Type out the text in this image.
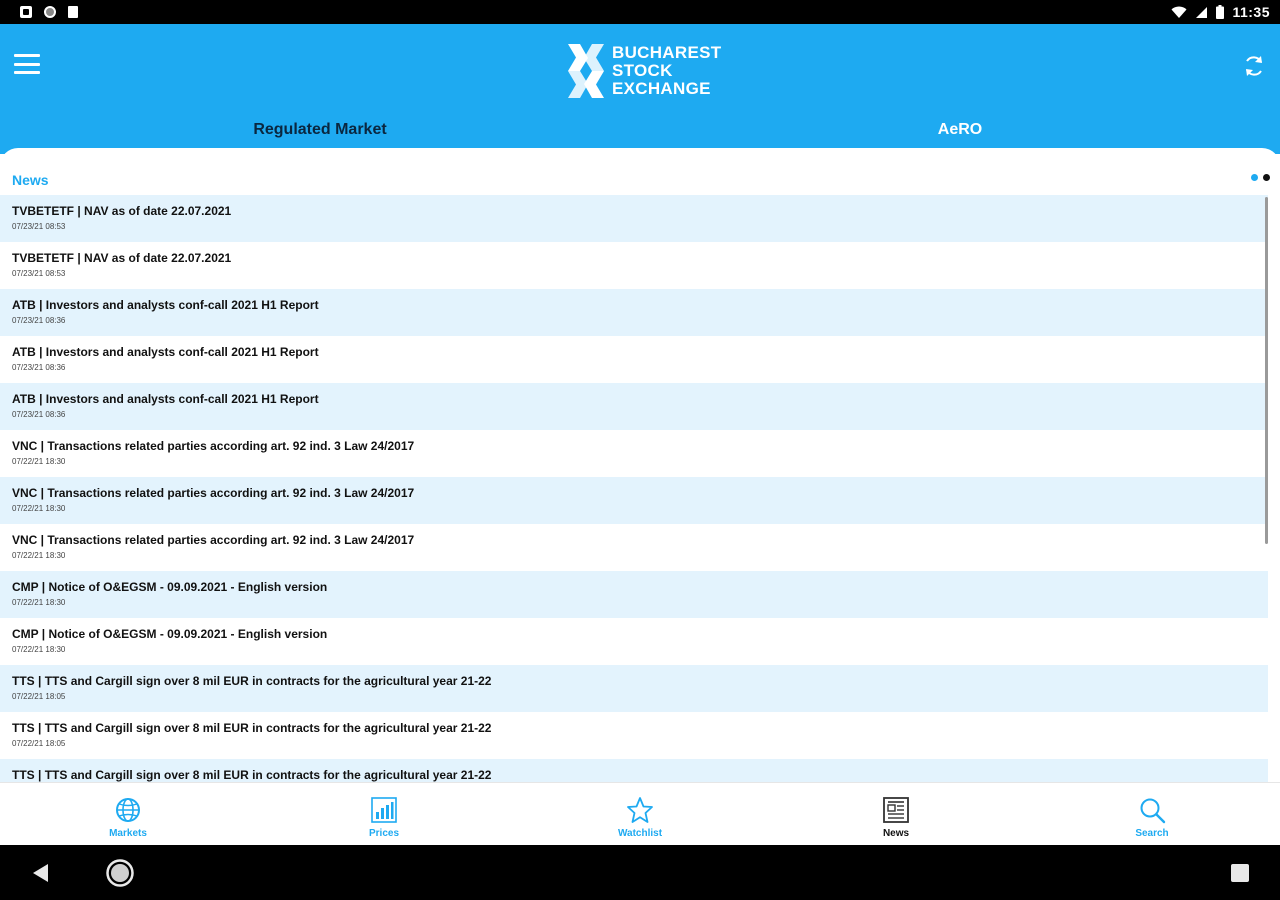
11:35
BUCHAREST
STOCK
EXCHANGE
Regulated Market	AeRO
News
TVBETETF | NAV as of date 22.07.2021
07/23/21 08:53
TVBETETF | NAV as of date 22.07.2021
07/23/21 08:53
ATB | Investors and analysts conf-call 2021 H1 Report
07/23/21 08:36
ATB | Investors and analysts conf-call 2021 H1 Report
07/23/21 08:36
ATB | Investors and analysts conf-call 2021 H1 Report
07/23/21 08:36
VNC | Transactions related parties according art. 92 ind. 3 Law 24/2017
07/22/21 18:30
VNC | Transactions related parties according art. 92 ind. 3 Law 24/2017
07/22/21 18:30
VNC | Transactions related parties according art. 92 ind. 3 Law 24/2017
07/22/21 18:30
CMP | Notice of O&EGSM - 09.09.2021 - English version
07/22/21 18:30
CMP | Notice of O&EGSM - 09.09.2021 - English version
07/22/21 18:30
TTS | TTS and Cargill sign over 8 mil EUR in contracts for the agricultural year 21-22
07/22/21 18:05
TTS | TTS and Cargill sign over 8 mil EUR in contracts for the agricultural year 21-22
07/22/21 18:05
TTS | TTS and Cargill sign over 8 mil EUR in contracts for the agricultural year 21-22
Markets	Prices	Watchlist	News	Search
